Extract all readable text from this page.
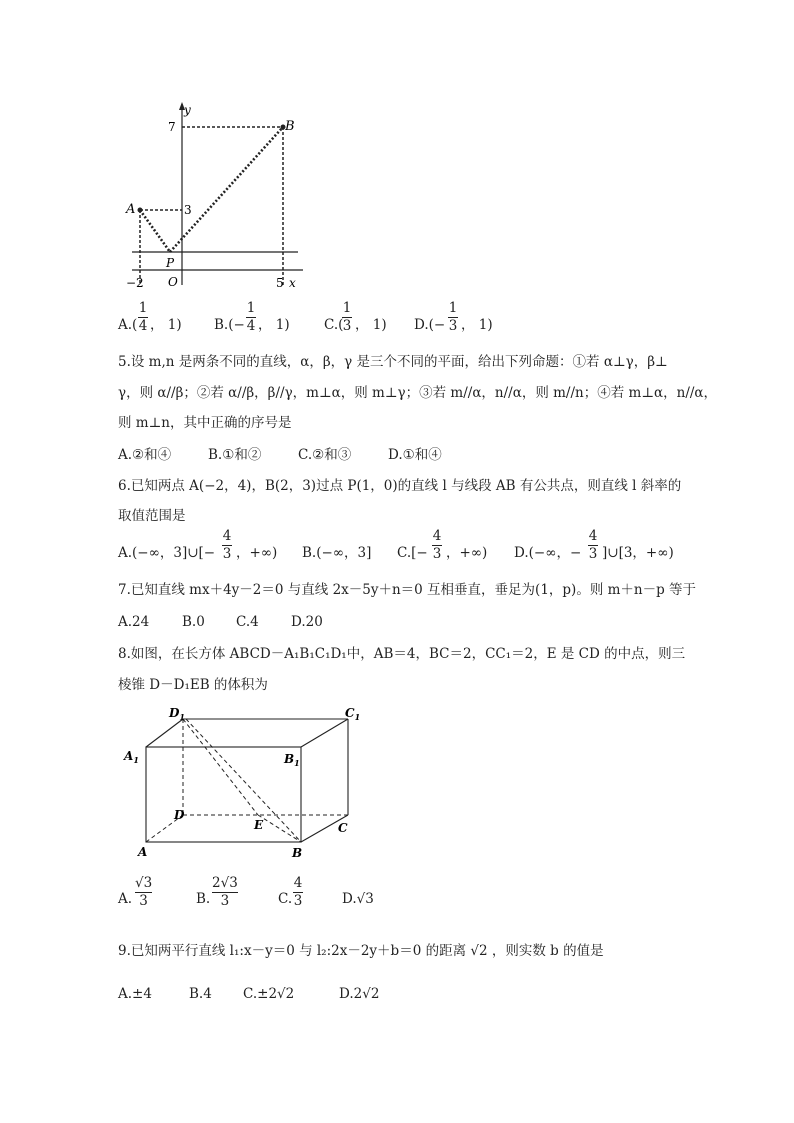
y
7
3
B
A
P
O
−2	5 x
A.(
1
4 ， 1) B.(−
1
4 ， 1)	C.(
1
3 ， 1) D.(−
1
3 ， 1)
5.设 m,n 是两条不同的直线，α，β，γ 是三个不同的平面，给出下列命题：①若 α⊥γ，β⊥
γ，则 α//β；②若 α//β，β//γ，m⊥α，则 m⊥γ；③若 m//α，n//α，则 m//n；④若 m⊥α，n//α，
则 m⊥n，其中正确的序号是
A.②和④	B.①和②	C.②和③	D.①和④
6.已知两点 A(−2，4)，B(2，3)过点 P(1，0)的直线 l 与线段 AB 有公共点，则直线 l 斜率的
取值范围是
A.(−∞，3]∪[−
4
3 ，+∞) B.(−∞，3] C.[−
4
3 ，+∞) D.(−∞，−
4
3 ]∪[3，+∞)
7.已知直线 mx＋4y－2＝0 与直线 2x－5y＋n＝0 互相垂直，垂足为(1，p)。则 m＋n－p 等于
A.24 B.0 C.4 D.20
8.如图，在长方体 ABCD－A₁B₁C₁D₁中，AB＝4，BC＝2，CC₁＝2，E 是 CD 的中点，则三
棱锥 D－D₁EB 的体积为
$D_1$	$C_1$
$A_1$	$B_1$
D
E	C
A	B
A.
√3
3	B.
2√3
3	C.
4
3	D.√3
9.已知两平行直线 l₁:x－y＝0 与 l₂:2x－2y＋b＝0 的距离 √2 ，则实数 b 的值是
A.±4	B.4 C.±2√2	D.2√2
